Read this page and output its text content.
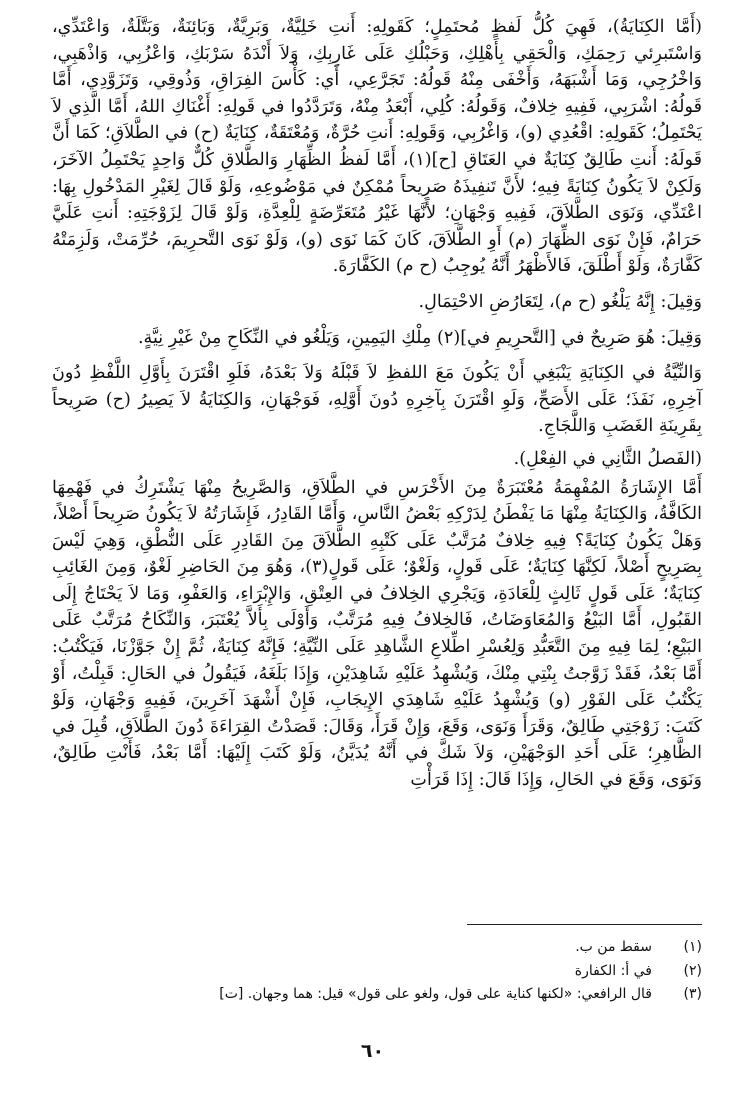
(أَمَّا الكِنَايَةُ)، فَهِيَ كُلُّ لَفظٍ مُحتَمِلٍ؛ كَقَولِهِ: أَنتِ خَلِيَّةٌ، وَبَرِيَّةٌ، وَبَائِنَةٌ، وَبَتَّلَةٌ، وَاعْتَدِّي، وَاسْتَبرِئي رَحِمَكِ، وَالْحَقِي بِأَهْلِكِ، وَحَبْلُكِ عَلَى غَارِبِكِ، وَلاَ أَنْدَهُ سَرْبَكِ، وَاعْزُبِي، وَاذْهَبِي، وَاخْرُجِي، وَمَا أَشْبَهَهُ، وَأَخْفَى مِنْهُ قَولُهُ: تَجَرَّعِي، أَي: كَأْسَ الفِرَاقِ، وَذُوقِي، وَتَزَوَّدِي، أَمَّا قَولُهُ: اشْرَبِي، فَفِيهِ خِلافٌ، وَقَولُهُ: كُلِي، أَبْعَدُ مِنْهُ، وَتَرَدَّدُوا في قَولِهِ: أَغْنَاكِ اللهُ، أَمَّا الَّذِي لاَ يَحْتَمِلُ؛ كَقَولِهِ: اقْعُدِي (و)، وَاغْرُبِي، وَقَولِهِ: أَنتِ حُرَّةٌ، وَمُعْتَقَةٌ، كِنَايَةٌ (ح) في الطَّلاَقِ؛ كَمَا أَنَّ قَولَهُ: أَنتِ طَالِقٌ كِنَايَةٌ في العَتَاقِ [ح](١)، أَمَّا لَفظُ الظِّهَارِ وَالطَّلاقِ كُلٌّ وَاحِدٍ يَحْتَمِلُ الآخَرَ، وَلَكِنْ لاَ يَكُونُ كِنَايَةً فِيهِ؛ لأَنَّ تَنفِيذَهُ صَرِيحاً مُمْكِنٌ في مَوْضُوعِهِ، وَلَوْ قَالَ لِغَيْرِ المَدْخُولِ بِهَا: اعْتَدِّي، وَنَوَى الطَّلاَقَ، فَفِيهِ وَجْهَانِ؛ لأَنَّهَا غَيْرُ مُتَعَرِّضَةٍ لِلْعِدَّةِ، وَلَوْ قَالَ لِزَوْجَتِهِ: أَنتِ عَلَيَّ حَرَامٌ، فَإِنْ نَوَى الظِّهَارَ (م) أَوِ الطَّلاَقَ، كَانَ كَمَا نَوَى (و)، وَلَوْ نَوَى التَّحرِيمَ، حُرِّمَتْ، وَلَزِمَتْهُ كَفَّارَةٌ، وَلَوْ أَطْلَقَ، فَالأَظْهَرُ أَنَّهُ يُوجِبُ (ح م) الكَفَّارَةَ.

وَقِيلَ: إِنَّهُ يَلْغُو (ح م)، لِتَعَارُضِ الاحْتِمَالِ.

وَقِيلَ: هُوَ صَرِيحٌ في [التَّحرِيمِ في](٢) مِلْكِ اليَمِينِ، وَيَلْغُو في النِّكَاحِ مِنْ غَيْرِ نِيَّةٍ.

وَالنِّيَّةُ في الكِنَايَةِ يَنْبَغِي أَنْ يَكُونَ مَعَ اللفظِ لاَ قَبْلَهُ وَلاَ بَعْدَهُ، فَلَوِ اقْتَرَنَ بِأَوَّلِ اللَّفْظِ دُونَ آخِرِهِ، نَفَذَ؛ عَلَى الأَصَحِّ، وَلَوِ اقْتَرَنَ بِآخِرِهِ دُونَ أَوَّلِهِ، فَوَجْهَانِ، وَالكِنَايَةُ لاَ يَصِيرُ (ح) صَرِيحاً بِقَرِينَةِ الغَضَبِ وَاللَّجَاجِ.

(الفَصلُ الثَّانِي في الفِعْلِ).

أَمَّا الإِشَارَةُ المُفْهِمَةُ مُعْتَبَرَةٌ مِنَ الأَخْرَسِ في الطَّلاَقِ، وَالصَّرِيحُ مِنْهَا يَشْتَرِكُ في فَهْمِهَا الكَافَّةُ، وَالكِنَايَةُ مِنْهَا مَا يَفْطَنُ لِدَرْكِهِ بَعْضُ النَّاسِ، وَأَمَّا القَادِرُ، فَإِشَارَتُهُ لاَ يَكُونُ صَرِيحاً أَصْلاً، وَهَلْ يَكُونُ كِنَايَةً؟ فِيهِ خِلافٌ مُرَتَّبٌ عَلَى كَتْبِهِ الطَّلاَقَ مِنَ القَادِرِ عَلَى النُّطْقِ، وَهِيَ لَيْسَ بِصَرِيحٍ أَصْلاً، لَكِنَّهَا كِنَايَةٌ؛ عَلَى قَولٍ، وَلَغْوٌ؛ عَلَى قَولٍ(٣)، وَهُوَ مِنَ الحَاضِرِ لَغْوٌ، وَمِنَ الغَائِبِ كِنَايَةٌ؛ عَلَى قَولٍ ثَالِثٍ لِلْعَادَةِ، وَيَجْرِي الخِلافُ في العِتْقِ، وَالإِبْرَاءِ، وَالعَفْوِ، وَمَا لاَ يَحْتَاجُ إِلَى القَبُولِ، أَمَّا البَيْعُ وَالمُعَاوَضَاتُ، فَالخِلافُ فِيهِ مُرَتَّبٌ، وَأَوْلَى بِأَلاَّ يُعْتَبَرَ، وَالنِّكَاحُ مُرَتَّبٌ عَلَى البَيْعِ؛ لِمَا فِيهِ مِنَ التَّعَبُّدِ وَلِعُسْرِ اطِّلاعِ الشَّاهِدِ عَلَى النِّيَّةِ؛ فَإِنَّهُ كِنَايَةٌ، ثُمَّ إِنْ جَوَّزْنَا، فَيَكْتُبُ: أَمَّا بَعْدُ، فَقَدْ زَوَّجتُ بِنْتِي مِنْكَ، وَيُشْهِدُ عَلَيْهِ شَاهِدَيْنِ، وَإِذَا بَلَغَهُ، فَيَقُولُ في الحَالِ: قَبِلْتُ، أَوْ يَكْتُبُ عَلَى الفَوْرِ (و) وَيُشْهِدُ عَلَيْهِ شَاهِدَي الإِيجَابِ، فَإِنْ أَشْهَدَ آخَرِينَ، فَفِيهِ وَجْهَانِ، وَلَوْ كَتَبَ: زَوْجَتِي طَالِقٌ، وَقَرَأَ وَنَوَى، وَقَعَ، وَإِنْ قَرَأَ، وَقَالَ: قَصَدْتُ القِرَاءَةَ دُونَ الطَّلاَقِ، قُبِلَ في الظَّاهِرِ؛ عَلَى أَحَدِ الوَجْهَيْنِ، وَلاَ شَكَّ في أَنَّهُ يُدَيَّنُ، وَلَوْ كَتَبَ إِلَيْهَا: أَمَّا بَعْدُ، فَأَنْتِ طَالِقٌ، وَنَوَى، وَقَعَ في الحَالِ، وَإِذَا قَالَ: إِذَا قَرَأْتِ

(١)سقط من ب.
(٢)في أ: الكفارة
(٣)قال الرافعي: «لكنها كناية على قول، ولغو على قول» قيل: هما وجهان. [ت]
٦٠
